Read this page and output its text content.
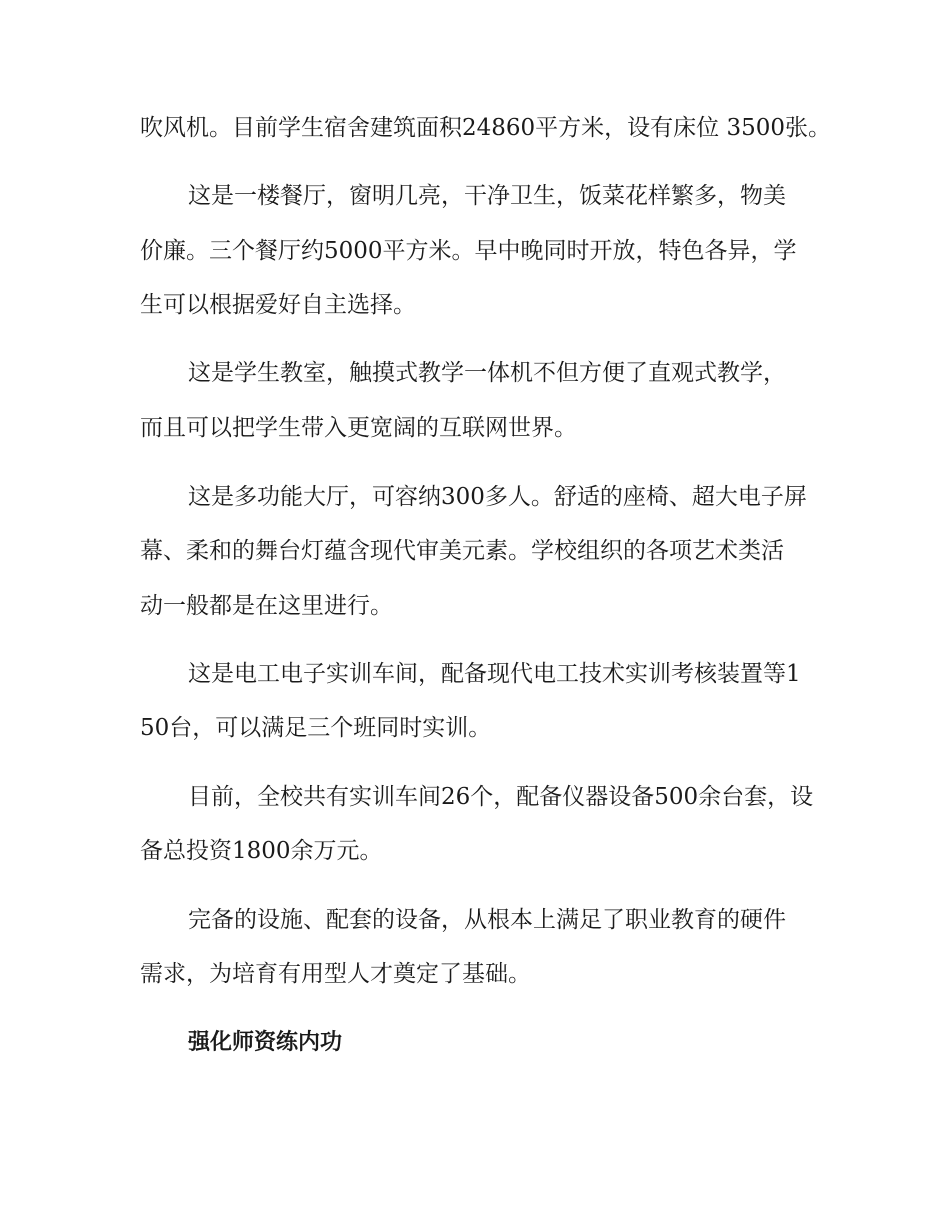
吹风机。目前学生宿舍建筑面积24860平方米，设有床位 3500张。

这是一楼餐厅，窗明几亮，干净卫生，饭菜花样繁多，物美

价廉。三个餐厅约5000平方米。早中晚同时开放，特色各异，学

生可以根据爱好自主选择。

这是学生教室，触摸式教学一体机不但方便了直观式教学，

而且可以把学生带入更宽阔的互联网世界。

这是多功能大厅，可容纳300多人。舒适的座椅、超大电子屏

幕、柔和的舞台灯蕴含现代审美元素。学校组织的各项艺术类活

动一般都是在这里进行。

这是电工电子实训车间，配备现代电工技术实训考核装置等1

50台，可以满足三个班同时实训。

目前，全校共有实训车间26个，配备仪器设备500余台套，设

备总投资1800余万元。

完备的设施、配套的设备，从根本上满足了职业教育的硬件

需求，为培育有用型人才奠定了基础。

强化师资练内功
